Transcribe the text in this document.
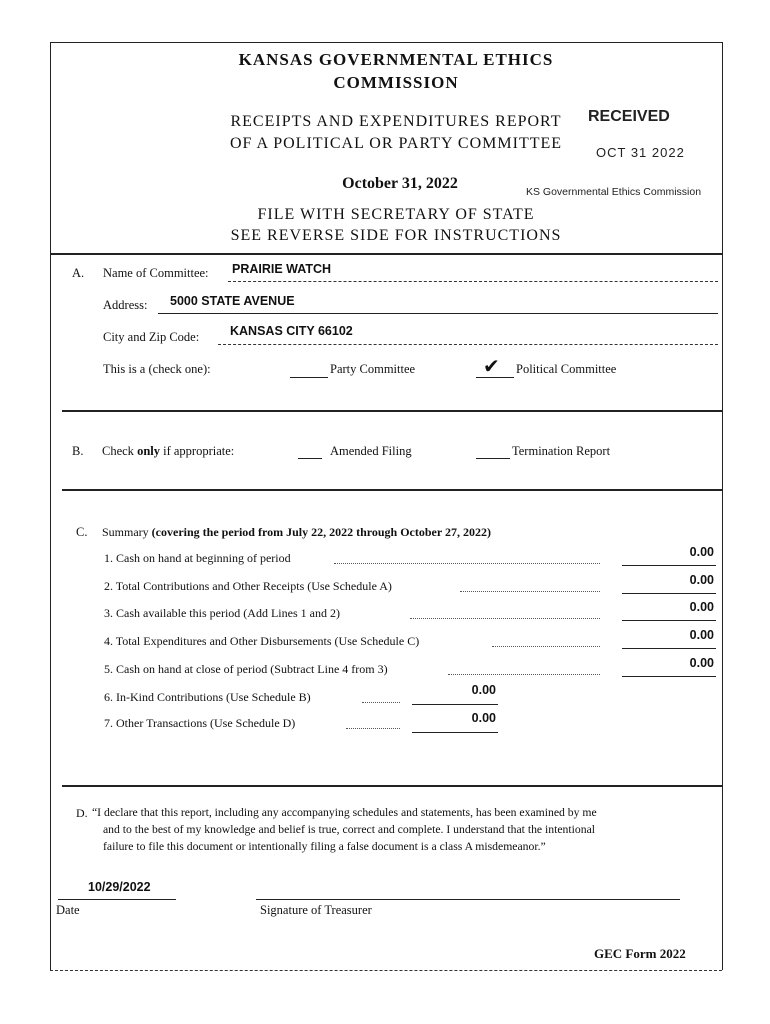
KANSAS GOVERNMENTAL ETHICS
COMMISSION
RECEIPTS AND EXPENDITURES REPORT
OF A POLITICAL OR PARTY COMMITTEE
October 31, 2022
FILE WITH SECRETARY OF STATE
SEE REVERSE SIDE FOR INSTRUCTIONS
RECEIVED
OCT 31 2022
KS Governmental Ethics Commission
A. Name of Committee: PRAIRIE WATCH
Address: 5000 STATE AVENUE
City and Zip Code: KANSAS CITY 66102
This is a (check one):	Party Committee	✔ Political Committee
B. Check only if appropriate:	Amended Filing	Termination Report
C. Summary (covering the period from July 22, 2022 through October 27, 2022)
1. Cash on hand at beginning of period	0.00
2. Total Contributions and Other Receipts (Use Schedule A)	0.00
3. Cash available this period (Add Lines 1 and 2)	0.00
4. Total Expenditures and Other Disbursements (Use Schedule C)	0.00
5. Cash on hand at close of period (Subtract Line 4 from 3)	0.00
6. In-Kind Contributions (Use Schedule B)	0.00
7. Other Transactions (Use Schedule D)	0.00
D. “I declare that this report, including any accompanying schedules and statements, has been examined by me
and to the best of my knowledge and belief is true, correct and complete. I understand that the intentional
failure to file this document or intentionally filing a false document is a class A misdemeanor.”
10/29/2022
Date	Signature of Treasurer
GEC Form 2022
